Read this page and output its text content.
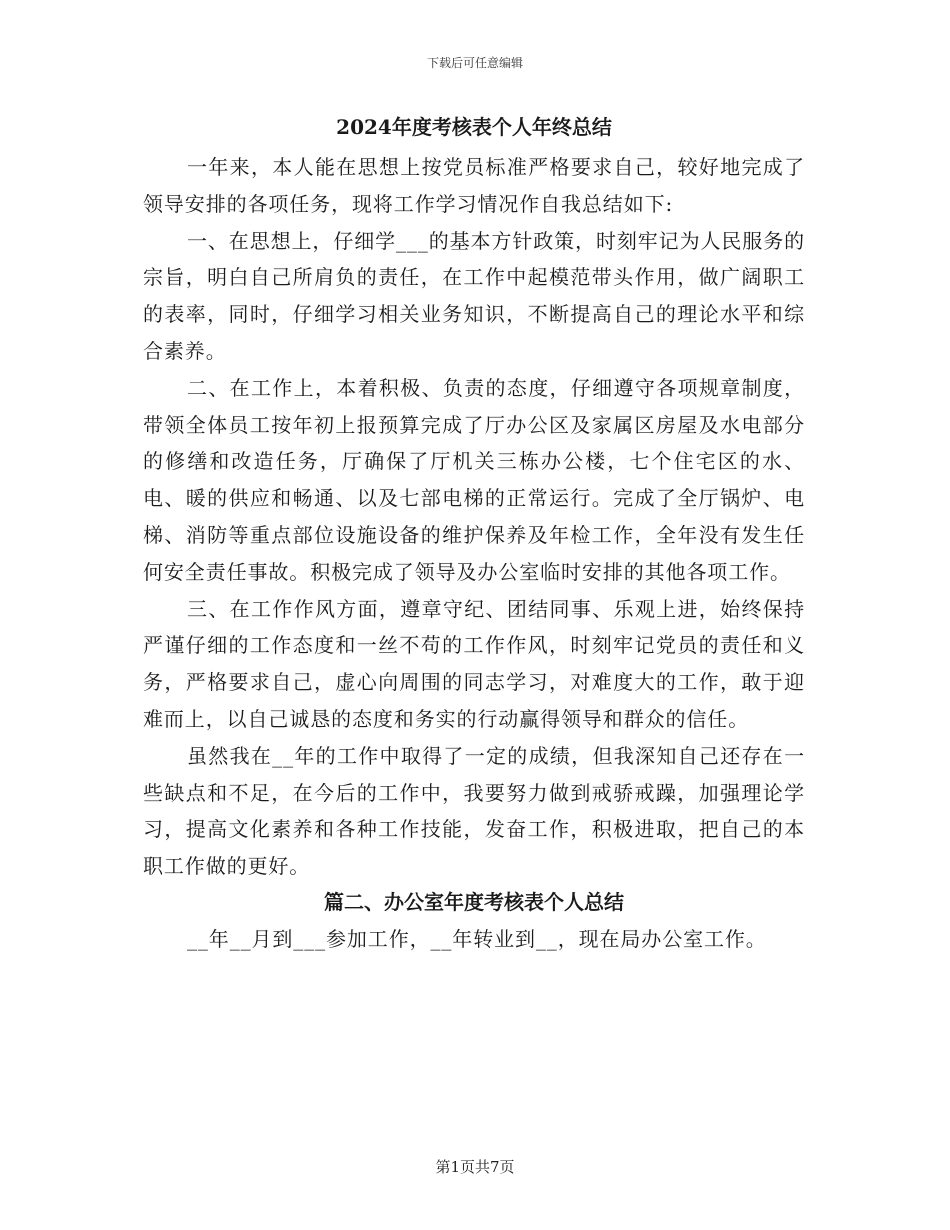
下载后可任意编辑
2024年度考核表个人年终总结

一年来，本人能在思想上按党员标准严格要求自己，较好地完成了领导安排的各项任务，现将工作学习情况作自我总结如下:

一、在思想上，仔细学___的基本方针政策，时刻牢记为人民服务的宗旨，明白自己所肩负的责任，在工作中起模范带头作用，做广阔职工的表率，同时，仔细学习相关业务知识，不断提高自己的理论水平和综合素养。

二、在工作上，本着积极、负责的态度，仔细遵守各项规章制度，带领全体员工按年初上报预算完成了厅办公区及家属区房屋及水电部分的修缮和改造任务，厅确保了厅机关三栋办公楼，七个住宅区的水、电、暖的供应和畅通、以及七部电梯的正常运行。完成了全厅锅炉、电梯、消防等重点部位设施设备的维护保养及年检工作，全年没有发生任何安全责任事故。积极完成了领导及办公室临时安排的其他各项工作。

三、在工作作风方面，遵章守纪、团结同事、乐观上进，始终保持严谨仔细的工作态度和一丝不苟的工作作风，时刻牢记党员的责任和义务，严格要求自己，虚心向周围的同志学习，对难度大的工作，敢于迎难而上，以自己诚恳的态度和务实的行动赢得领导和群众的信任。

虽然我在__年的工作中取得了一定的成绩，但我深知自己还存在一些缺点和不足，在今后的工作中，我要努力做到戒骄戒躁，加强理论学习，提高文化素养和各种工作技能，发奋工作，积极进取，把自己的本职工作做的更好。

篇二、办公室年度考核表个人总结

__年__月到___参加工作，__年转业到__，现在局办公室工作。

第1页共7页
